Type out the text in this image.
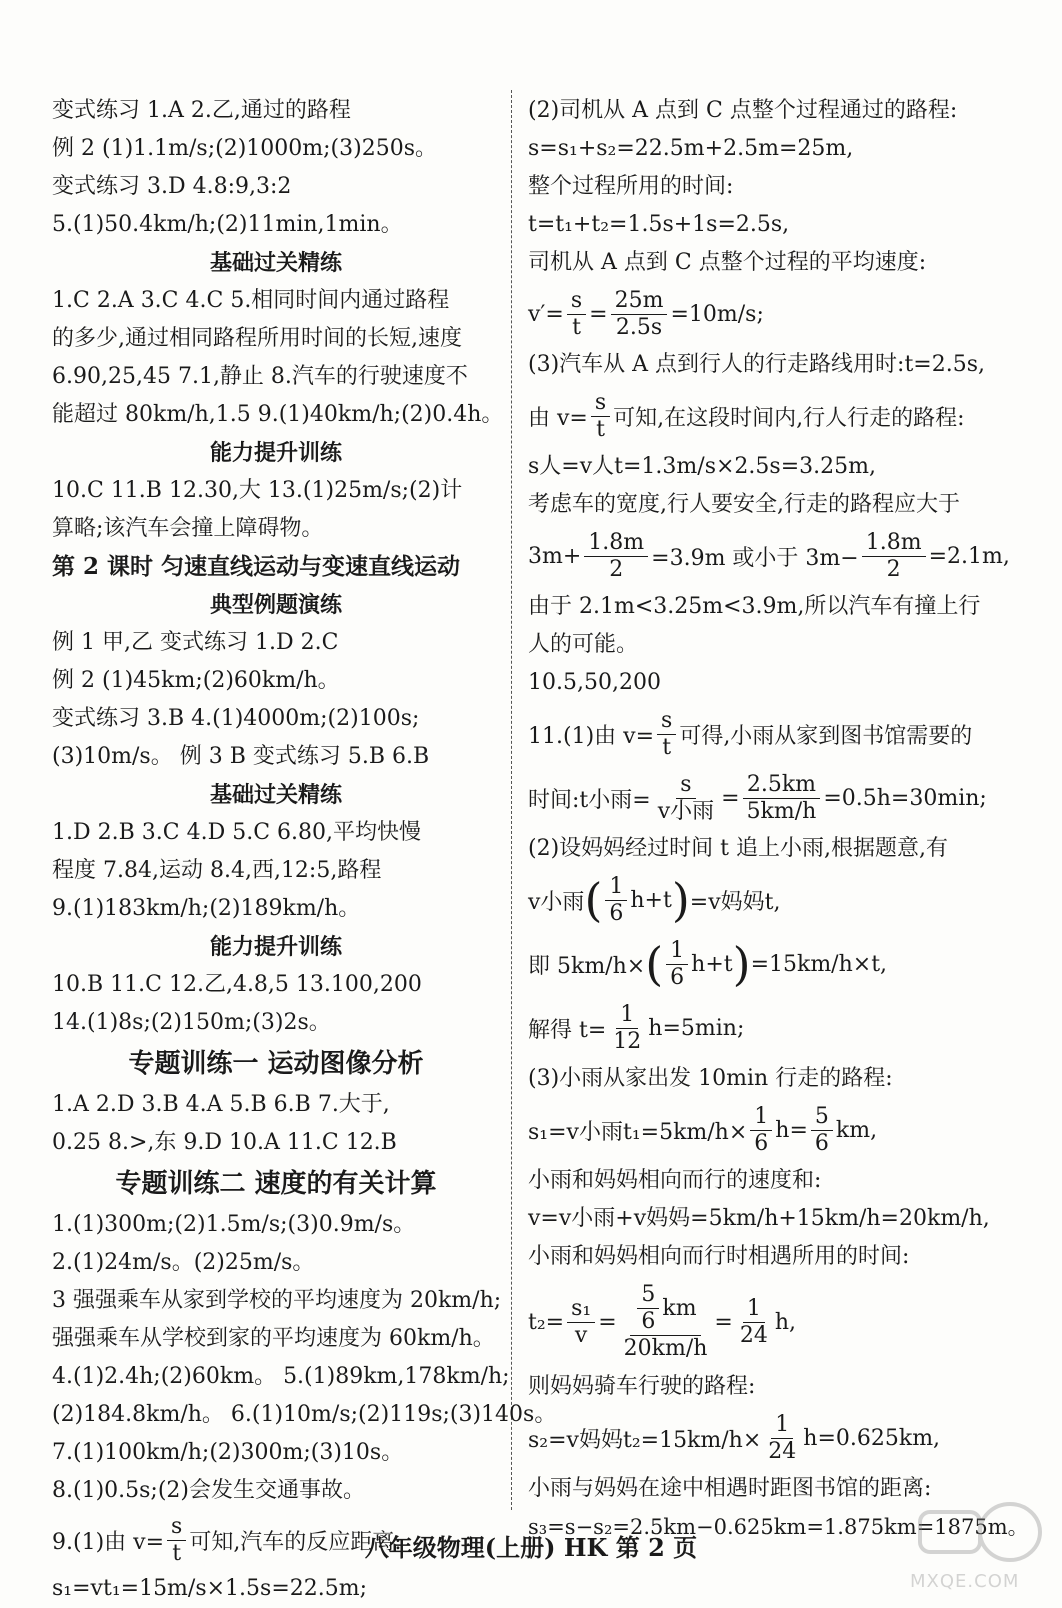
变式练习 1.A 2.乙,通过的路程
例 2 (1)1.1m/s;(2)1000m;(3)250s。
变式练习 3.D 4.8:9,3:2
5.(1)50.4km/h;(2)11min,1min。
基础过关精练
1.C 2.A 3.C 4.C 5.相同时间内通过路程
的多少,通过相同路程所用时间的长短,速度
6.90,25,45 7.1,静止 8.汽车的行驶速度不
能超过 80km/h,1.5 9.(1)40km/h;(2)0.4h。
能力提升训练
10.C 11.B 12.30,大 13.(1)25m/s;(2)计
算略;该汽车会撞上障碍物。
第 2 课时 匀速直线运动与变速直线运动
典型例题演练
例 1 甲,乙 变式练习 1.D 2.C
例 2 (1)45km;(2)60km/h。
变式练习 3.B 4.(1)4000m;(2)100s;
(3)10m/s。 例 3 B 变式练习 5.B 6.B
基础过关精练
1.D 2.B 3.C 4.D 5.C 6.80,平均快慢
程度 7.84,运动 8.4,西,12:5,路程
9.(1)183km/h;(2)189km/h。
能力提升训练
10.B 11.C 12.乙,4.8,5 13.100,200
14.(1)8s;(2)150m;(3)2s。
专题训练一 运动图像分析
1.A 2.D 3.B 4.A 5.B 6.B 7.大于,
0.25 8.>,东 9.D 10.A 11.C 12.B
专题训练二 速度的有关计算
1.(1)300m;(2)1.5m/s;(3)0.9m/s。
2.(1)24m/s。(2)25m/s。
3 强强乘车从家到学校的平均速度为 20km/h;
强强乘车从学校到家的平均速度为 60km/h。
4.(1)2.4h;(2)60km。 5.(1)89km,178km/h;
(2)184.8km/h。 6.(1)10m/s;(2)119s;(3)140s。
7.(1)100km/h;(2)300m;(3)10s。
8.(1)0.5s;(2)会发生交通事故。
9.(1)由 $v= \frac{s}{t}$ 可知,汽车的反应距离:
s₁=vt₁=15m/s×1.5s=22.5m;
(2)司机从 A 点到 C 点整个过程通过的路程:
s=s₁+s₂=22.5m+2.5m=25m,
整个过程所用的时间:
t=t₁+t₂=1.5s+1s=2.5s,
司机从 A 点到 C 点整个过程的平均速度:
$v'= \frac{s}{t} = \frac{25m}{2.5s} =10m/s$;
(3)汽车从 A 点到行人的行走路线用时:t=2.5s,
由 $v= \frac{s}{t}$ 可知,在这段时间内,行人行走的路程:
s人=v人t=1.3m/s×2.5s=3.25m,
考虑车的宽度,行人要安全,行走的路程应大于
$3m+ \frac{1.8m}{2} =3.9m$ 或小于 $3m- \frac{1.8m}{2} =2.1m$,
由于 2.1m<3.25m<3.9m,所以汽车有撞上行
人的可能。
10.5,50,200
11.(1)由 $v= \frac{s}{t}$ 可得,小雨从家到图书馆需要的
时间:t小雨= $\frac{s}{\text{v小雨}} = \frac{2.5km}{5km/h} =0.5h=30\min$;
(2)设妈妈经过时间 t 追上小雨,根据题意,有
v小雨 ( $\frac{1}{6} h+t$ ) =v妈妈t,
即 5km/h× ( $\frac{1}{6} h+t$ ) =15km/h×t,
解得 $t= \frac{1}{12} h=5\min$;
(3)小雨从家出发 10min 行走的路程:
s₁=v小雨$t_1=5km/h\times \frac{1}{6} h= \frac{5}{6}$ km,
小雨和妈妈相向而行的速度和:
v=v小雨+v妈妈=5km/h+15km/h=20km/h,
小雨和妈妈相向而行时相遇所用的时间:
$t_2= \frac{\text{s₁}}{v} = \frac{\frac{5}{6} km}{20km/h} = \frac{1}{24} h$,
则妈妈骑车行驶的路程:
s₂=v妈妈$t_2=15km/h\times \frac{1}{24} h=0.625km$,
小雨与妈妈在途中相遇时距图书馆的距离:
s₃=s−s₂=2.5km−0.625km=1.875km=1875m。
八年级物理(上册) HK 第 2 页
MXQE.COM
